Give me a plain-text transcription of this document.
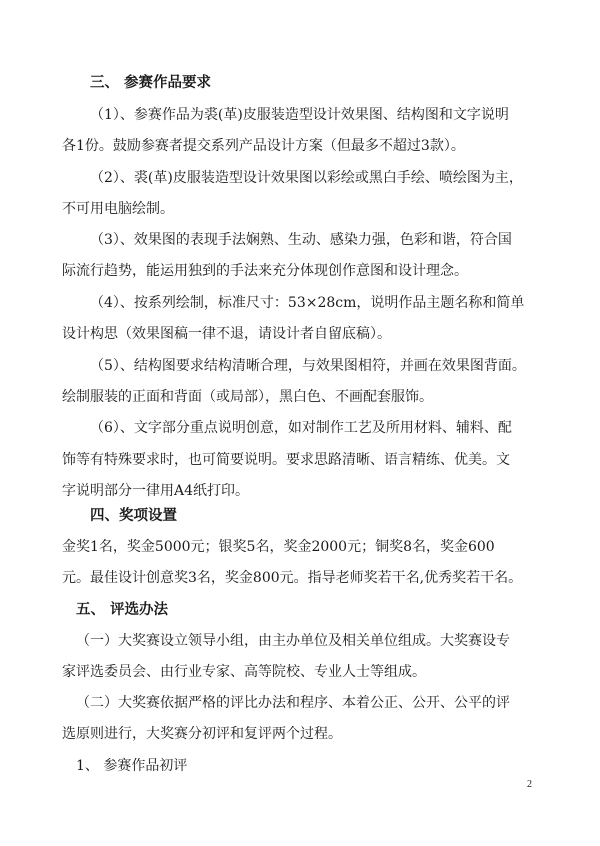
三、 参赛作品要求
（1）、参赛作品为裘(革)皮服装造型设计效果图、结构图和文字说明
各1份。鼓励参赛者提交系列产品设计方案（但最多不超过3款）。
（2）、裘(革)皮服装造型设计效果图以彩绘或黑白手绘、喷绘图为主，
不可用电脑绘制。
（3）、效果图的表现手法娴熟、生动、感染力强，色彩和谐，符合国
际流行趋势，能运用独到的手法来充分体现创作意图和设计理念。
（4）、按系列绘制，标准尺寸：53×28cm，说明作品主题名称和简单
设计构思（效果图稿一律不退，请设计者自留底稿）。
（5）、结构图要求结构清晰合理，与效果图相符，并画在效果图背面。
绘制服装的正面和背面（或局部），黑白色、不画配套服饰。
（6）、文字部分重点说明创意，如对制作工艺及所用材料、辅料、配
饰等有特殊要求时，也可简要说明。要求思路清晰、语言精练、优美。文
字说明部分一律用A4纸打印。
四、奖项设置
金奖1名，奖金5000元；银奖5名，奖金2000元；铜奖8名，奖金600
元。最佳设计创意奖3名，奖金800元。指导老师奖若干名,优秀奖若干名。
五、 评选办法
（一）大奖赛设立领导小组，由主办单位及相关单位组成。大奖赛设专
家评选委员会、由行业专家、高等院校、专业人士等组成。
（二）大奖赛依据严格的评比办法和程序、本着公正、公开、公平的评
选原则进行，大奖赛分初评和复评两个过程。
1、 参赛作品初评
2
